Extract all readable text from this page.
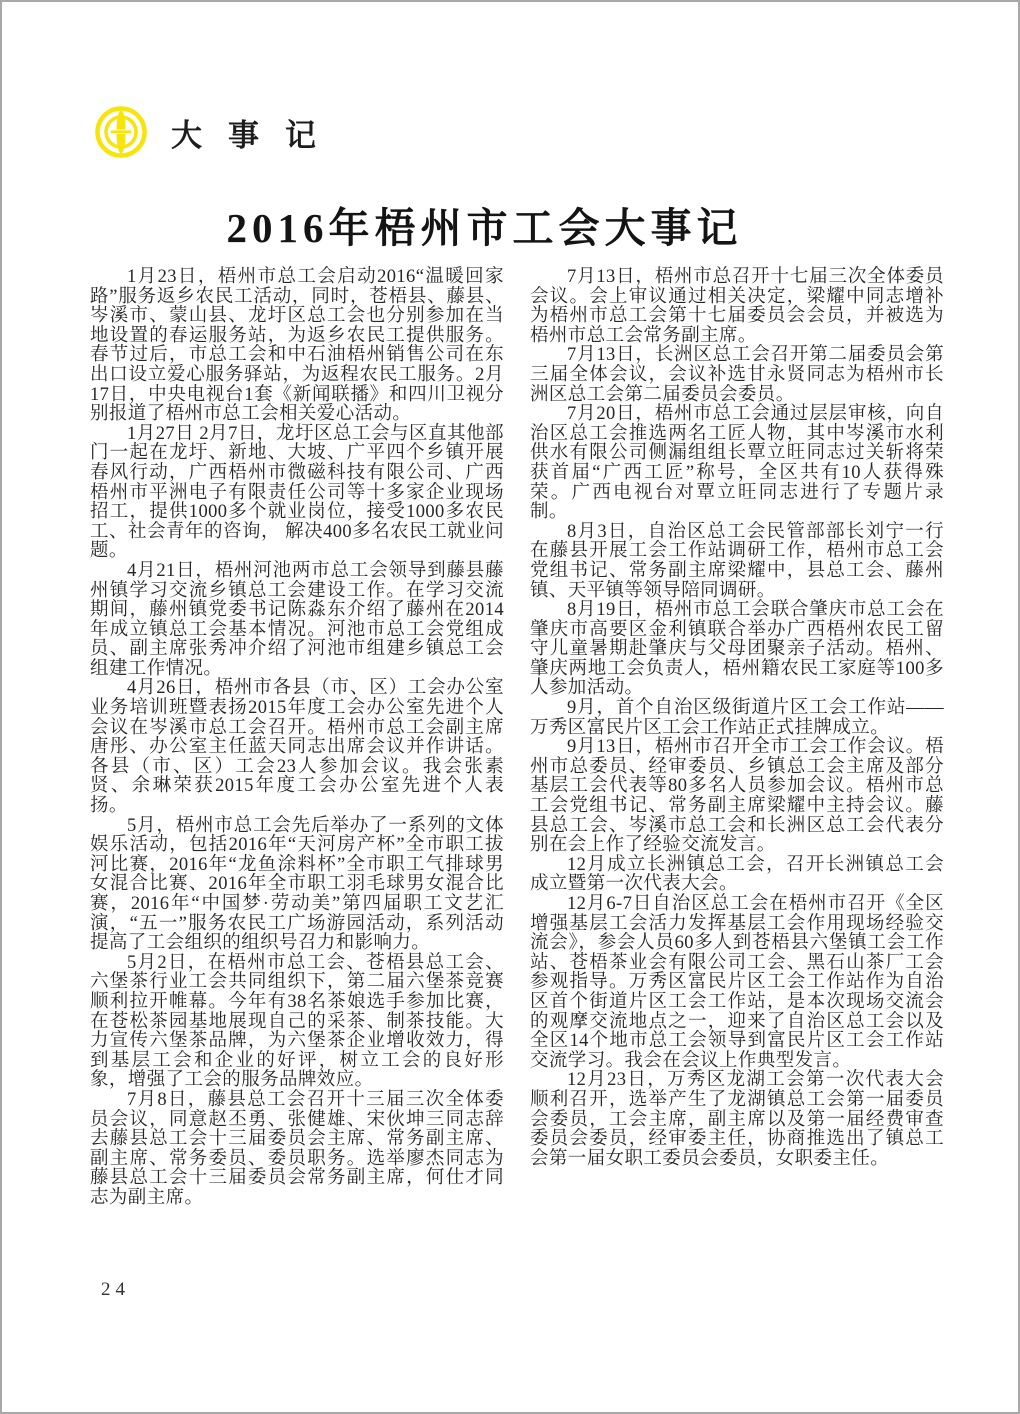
大事记
2016年梧州市工会大事记

1月23日，梧州市总工会启动2016“温暖回家路”服务返乡农民工活动，同时，苍梧县、藤县、岑溪市、蒙山县、龙圩区总工会也分别参加在当地设置的春运服务站，为返乡农民工提供服务。春节过后，市总工会和中石油梧州销售公司在东出口设立爱心服务驿站，为返程农民工服务。2月17日，中央电视台1套《新闻联播》和四川卫视分别报道了梧州市总工会相关爱心活动。

1月27日 2月7日，龙圩区总工会与区直其他部门一起在龙圩、新地、大坡、广平四个乡镇开展春风行动，广西梧州市微磁科技有限公司、广西梧州市平洲电子有限责任公司等十多家企业现场招工，提供1000多个就业岗位，接受1000多农民工、社会青年的咨询， 解决400多名农民工就业问题。

4月21日，梧州河池两市总工会领导到藤县藤州镇学习交流乡镇总工会建设工作。在学习交流期间，藤州镇党委书记陈淼东介绍了藤州在2014年成立镇总工会基本情况。河池市总工会党组成员、副主席张秀冲介绍了河池市组建乡镇总工会组建工作情况。

4月26日，梧州市各县（市、区）工会办公室业务培训班暨表扬2015年度工会办公室先进个人会议在岑溪市总工会召开。梧州市总工会副主席唐彤、办公室主任蓝天同志出席会议并作讲话。各县（市、区）工会23人参加会议。我会张素贤、余琳荣获2015年度工会办公室先进个人表扬。

5月，梧州市总工会先后举办了一系列的文体娱乐活动，包括2016年“天河房产杯”全市职工拔河比赛，2016年“龙鱼涂料杯”全市职工气排球男女混合比赛、2016年全市职工羽毛球男女混合比赛，2016年“中国梦·劳动美”第四届职工文艺汇演，“五一”服务农民工广场游园活动，系列活动提高了工会组织的组织号召力和影响力。

5月2日，在梧州市总工会、苍梧县总工会、六堡茶行业工会共同组织下，第二届六堡茶竞赛顺利拉开帷幕。今年有38名茶娘选手参加比赛，在苍松茶园基地展现自己的采茶、制茶技能。大力宣传六堡茶品牌，为六堡茶企业增收效力，得到基层工会和企业的好评，树立工会的良好形象，增强了工会的服务品牌效应。

7月8日，藤县总工会召开十三届三次全体委员会议，同意赵丕勇、张健雄、宋伙坤三同志辞去藤县总工会十三届委员会主席、常务副主席、副主席、常务委员、委员职务。选举廖杰同志为藤县总工会十三届委员会常务副主席，何仕才同志为副主席。

7月13日，梧州市总召开十七届三次全体委员会议。会上审议通过相关决定，梁耀中同志增补为梧州市总工会第十七届委员会会员，并被选为梧州市总工会常务副主席。

7月13日，长洲区总工会召开第二届委员会第三届全体会议，会议补选甘永贤同志为梧州市长洲区总工会第二届委员会委员。

7月20日，梧州市总工会通过层层审核，向自治区总工会推选两名工匠人物，其中岑溪市水利供水有限公司侧漏组组长覃立旺同志过关斩将荣获首届“广西工匠”称号，全区共有10人获得殊荣。广西电视台对覃立旺同志进行了专题片录制。

8月3日，自治区总工会民管部部长刘宁一行在藤县开展工会工作站调研工作，梧州市总工会党组书记、常务副主席梁耀中，县总工会、藤州镇、天平镇等领导陪同调研。

8月19日，梧州市总工会联合肇庆市总工会在肇庆市高要区金利镇联合举办广西梧州农民工留守儿童暑期赴肇庆与父母团聚亲子活动。梧州、肇庆两地工会负责人，梧州籍农民工家庭等100多人参加活动。

9月，首个自治区级街道片区工会工作站——万秀区富民片区工会工作站正式挂牌成立。

9月13日，梧州市召开全市工会工作会议。梧州市总委员、经审委员、乡镇总工会主席及部分基层工会代表等80多名人员参加会议。梧州市总工会党组书记、常务副主席梁耀中主持会议。藤县总工会、岑溪市总工会和长洲区总工会代表分别在会上作了经验交流发言。

12月成立长洲镇总工会，召开长洲镇总工会成立暨第一次代表大会。

12月6-7日自治区总工会在梧州市召开《全区增强基层工会活力发挥基层工会作用现场经验交流会》，参会人员60多人到苍梧县六堡镇工会工作站、苍梧茶业会有限公司工会、黑石山茶厂工会参观指导。万秀区富民片区工会工作站作为自治区首个街道片区工会工作站，是本次现场交流会的观摩交流地点之一，迎来了自治区总工会以及全区14个地市总工会领导到富民片区工会工作站交流学习。我会在会议上作典型发言。

12月23日，万秀区龙湖工会第一次代表大会顺利召开，选举产生了龙湖镇总工会第一届委员会委员，工会主席，副主席以及第一届经费审查委员会委员，经审委主任，协商推选出了镇总工会第一届女职工委员会委员，女职委主任。

24
